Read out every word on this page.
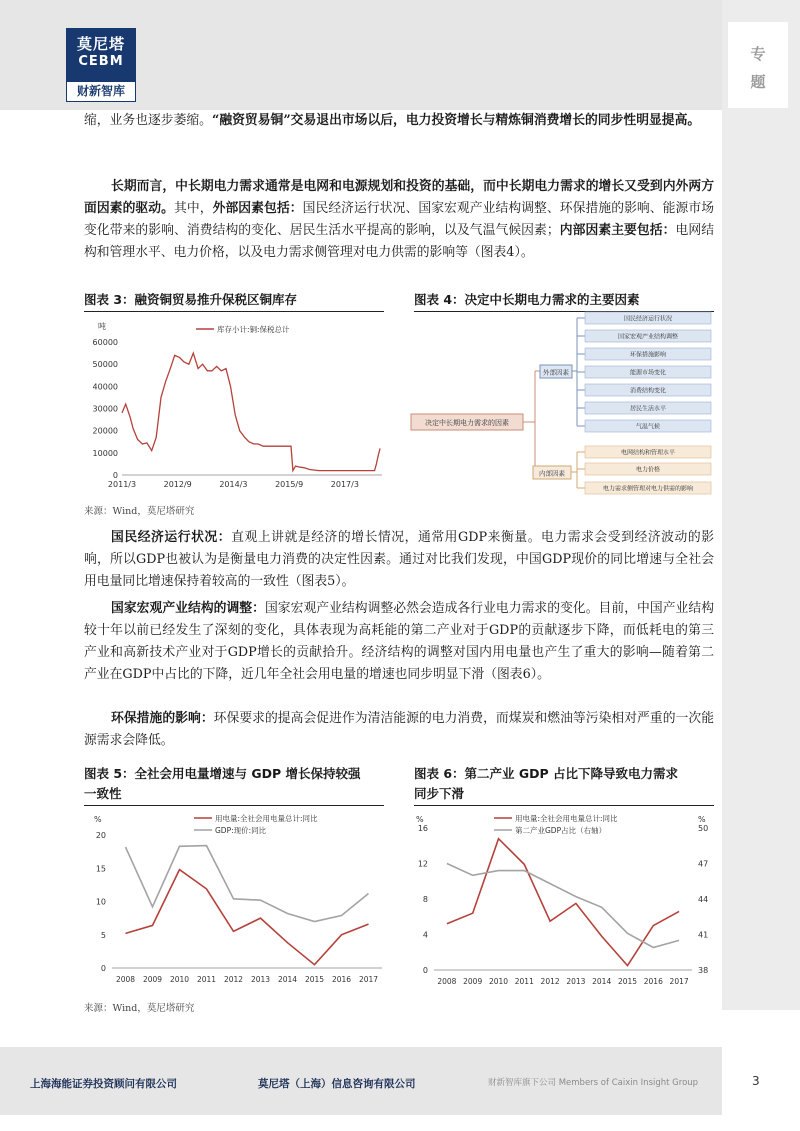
专
题
莫尼塔
CEBM
财新智库

缩，业务也逐步萎缩。“融资贸易铜”交易退出市场以后，电力投资增长与精炼铜消费增长的同步性明显提高。

长期而言，中长期电力需求通常是电网和电源规划和投资的基础，而中长期电力需求的增长又受到内外两方面因素的驱动。其中，外部因素包括：国民经济运行状况、国家宏观产业结构调整、环保措施的影响、能源市场变化带来的影响、消费结构的变化、居民生活水平提高的影响，以及气温气候因素；内部因素主要包括：电网结构和管理水平、电力价格，以及电力需求侧管理对电力供需的影响等（图表4）。

图表 3：融资铜贸易推升保税区铜库存	图表 4：决定中长期电力需求的主要因素
吨	库存小计:铜:保税总计
0
10000
20000
30000
40000
50000
60000
2011/3	2012/9	2014/3	2015/9	2017/3
决定中长期电力需求的因素
外部因素
内部因素
国民经济运行状况
国家宏观产业结构调整
环保措施影响
能源市场变化
消费结构变化
居民生活水平
气温气候
电网结构和管理水平
电力价格
电力需求侧管理对电力供需的影响
来源：Wind，莫尼塔研究

国民经济运行状况：直观上讲就是经济的增长情况，通常用GDP来衡量。电力需求会受到经济波动的影响，所以GDP也被认为是衡量电力消费的决定性因素。通过对比我们发现，中国GDP现价的同比增速与全社会用电量同比增速保持着较高的一致性（图表5）。

国家宏观产业结构的调整：国家宏观产业结构调整必然会造成各行业电力需求的变化。目前，中国产业结构较十年以前已经发生了深刻的变化，具体表现为高耗能的第二产业对于GDP的贡献逐步下降，而低耗电的第三产业和高新技术产业对于GDP增长的贡献拾升。经济结构的调整对国内用电量也产生了重大的影响—随着第二产业在GDP中占比的下降，近几年全社会用电量的增速也同步明显下滑（图表6）。

环保措施的影响：环保要求的提高会促进作为清洁能源的电力消费，而煤炭和燃油等污染相对严重的一次能源需求会降低。

图表 5：全社会用电量增速与 GDP 增长保持较强
一致性
图表 6：第二产业 GDP 占比下降导致电力需求
同步下滑
%	用电量:全社会用电量总计:同比
GDP:现价:同比
0
5
10
15
20
2008 2009 2010 2011 2012 2013 2014 2015 2016 2017
%	%
用电量:全社会用电量总计:同比
第二产业GDP占比（右轴）
0
4
8
12
16
38
41
44
47
50
2008 2009 2010 2011 2012 2013 2014 2015 2016 2017
来源：Wind，莫尼塔研究
上海海能证券投资顾问有限公司	莫尼塔（上海）信息咨询有限公司	财新智库旗下公司 Members of Caixin Insight Group	3
